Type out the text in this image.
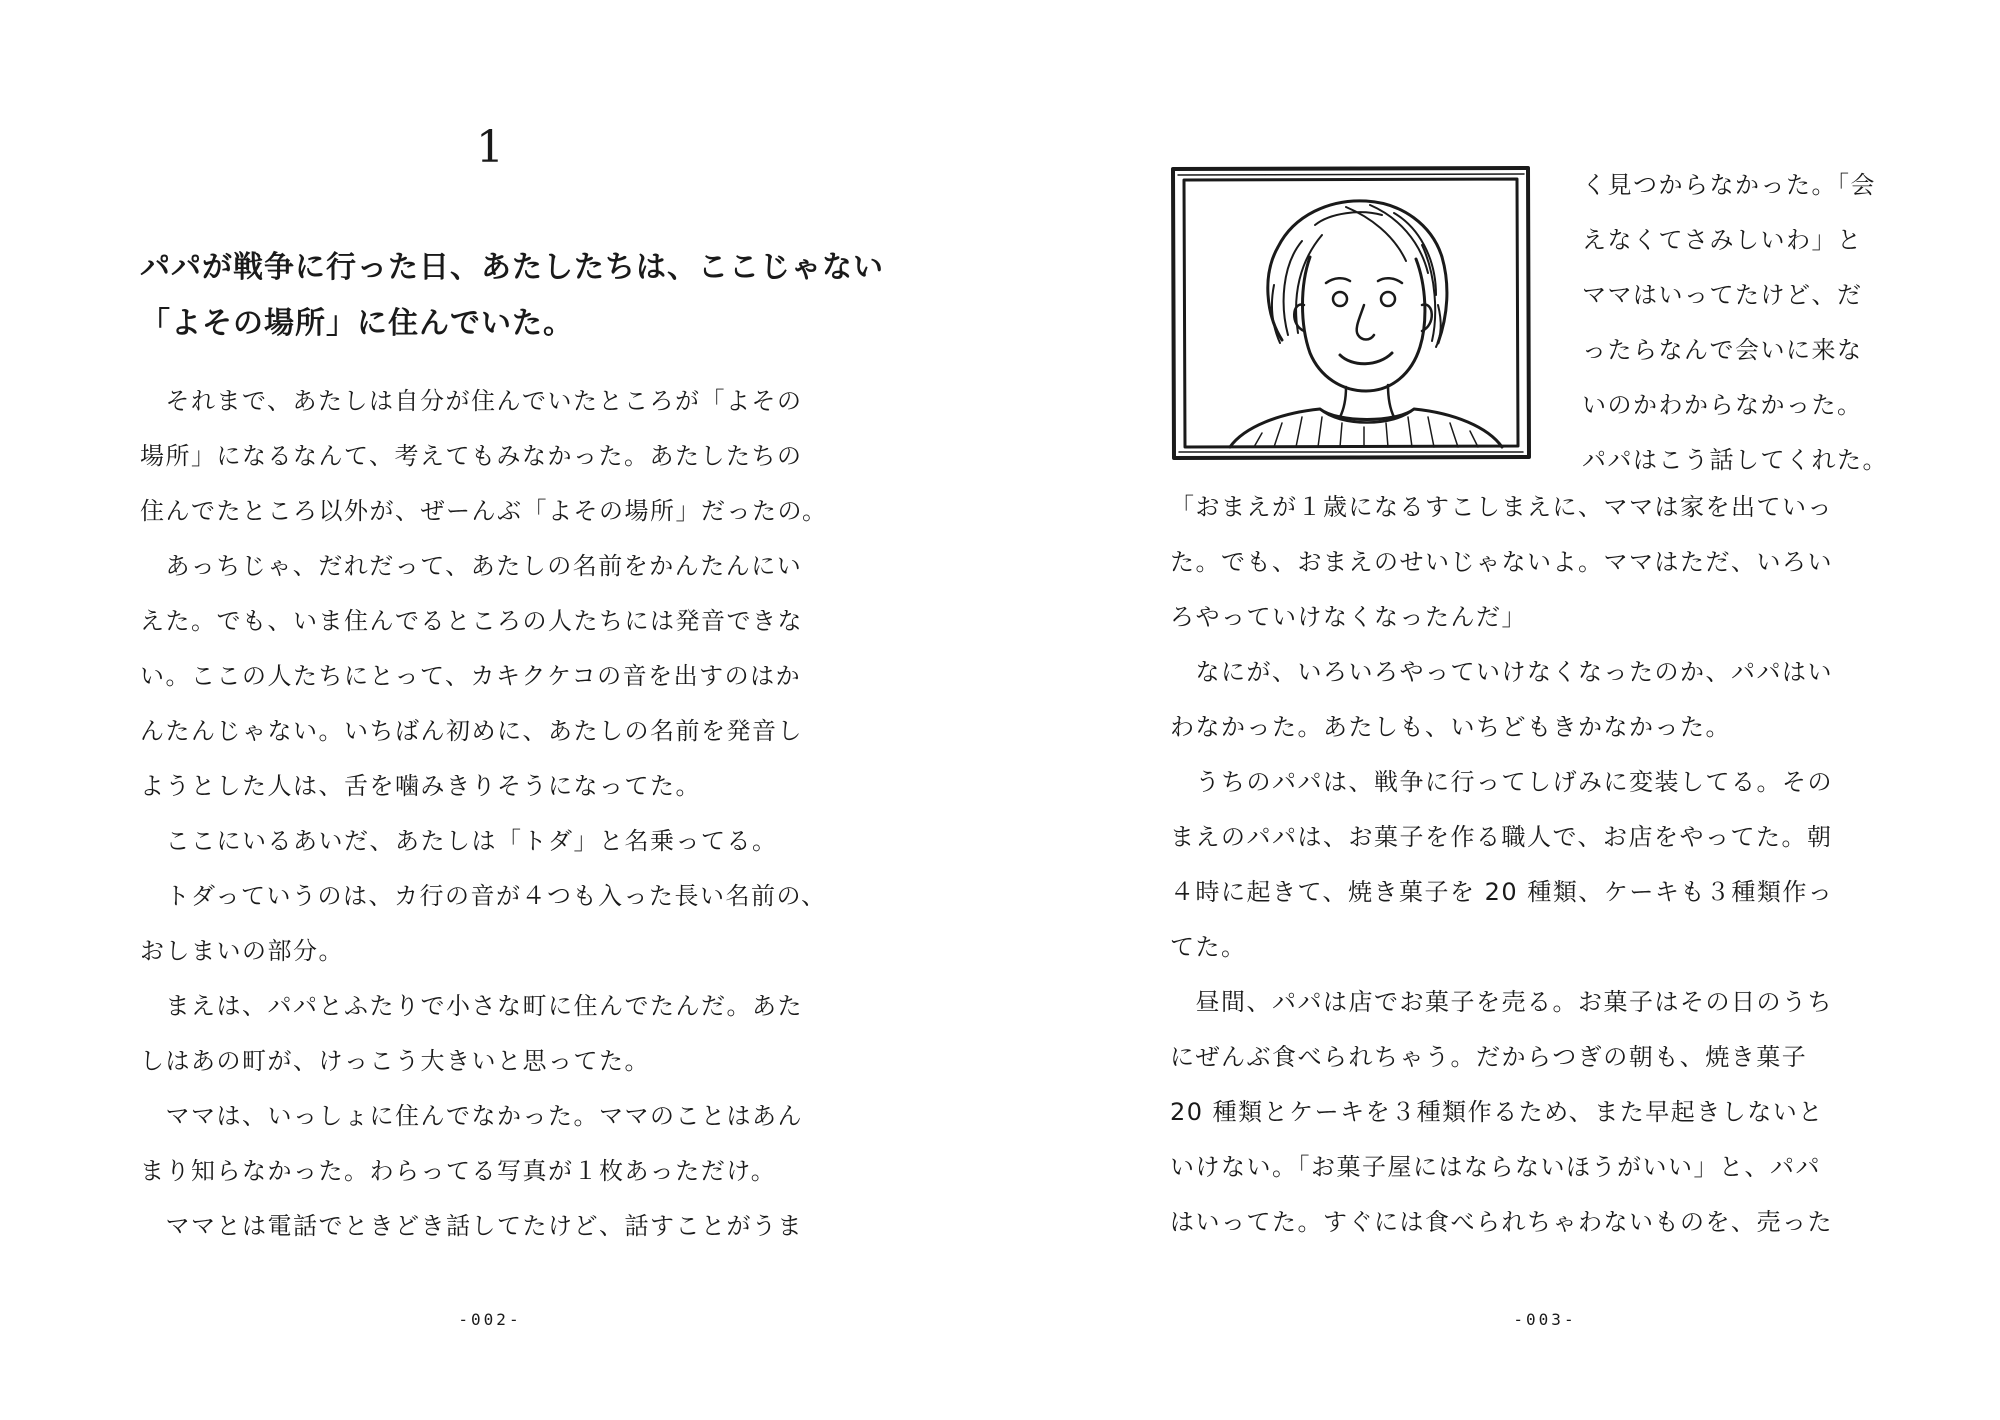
1
パパが戦争に行った日、あたしたちは、ここじゃない
「よその場所」に住んでいた。
　それまで、あたしは自分が住んでいたところが「よその
場所」になるなんて、考えてもみなかった。あたしたちの
住んでたところ以外が、ぜーんぶ「よその場所」だったの。
　あっちじゃ、だれだって、あたしの名前をかんたんにい
えた。でも、いま住んでるところの人たちには発音できな
い。ここの人たちにとって、カキクケコの音を出すのはか
んたんじゃない。いちばん初めに、あたしの名前を発音し
ようとした人は、舌を噛みきりそうになってた。
　ここにいるあいだ、あたしは「トダ」と名乗ってる。
　トダっていうのは、カ行の音が４つも入った長い名前の、
おしまいの部分。
　まえは、パパとふたりで小さな町に住んでたんだ。あた
しはあの町が、けっこう大きいと思ってた。
　ママは、いっしょに住んでなかった。ママのことはあん
まり知らなかった。わらってる写真が１枚あっただけ。
　ママとは電話でときどき話してたけど、話すことがうま
-002-
く見つからなかった。「会
えなくてさみしいわ」と
ママはいってたけど、だ
ったらなんで会いに来な
いのかわからなかった。
パパはこう話してくれた。
「おまえが１歳になるすこしまえに、ママは家を出ていっ
た。でも、おまえのせいじゃないよ。ママはただ、いろい
ろやっていけなくなったんだ」
　なにが、いろいろやっていけなくなったのか、パパはい
わなかった。あたしも、いちどもきかなかった。
　うちのパパは、戦争に行ってしげみに変装してる。その
まえのパパは、お菓子を作る職人で、お店をやってた。朝
４時に起きて、焼き菓子を 20 種類、ケーキも３種類作っ
てた。
　昼間、パパは店でお菓子を売る。お菓子はその日のうち
にぜんぶ食べられちゃう。だからつぎの朝も、焼き菓子
20 種類とケーキを３種類作るため、また早起きしないと
いけない。「お菓子屋にはならないほうがいい」と、パパ
はいってた。すぐには食べられちゃわないものを、売った
-003-
